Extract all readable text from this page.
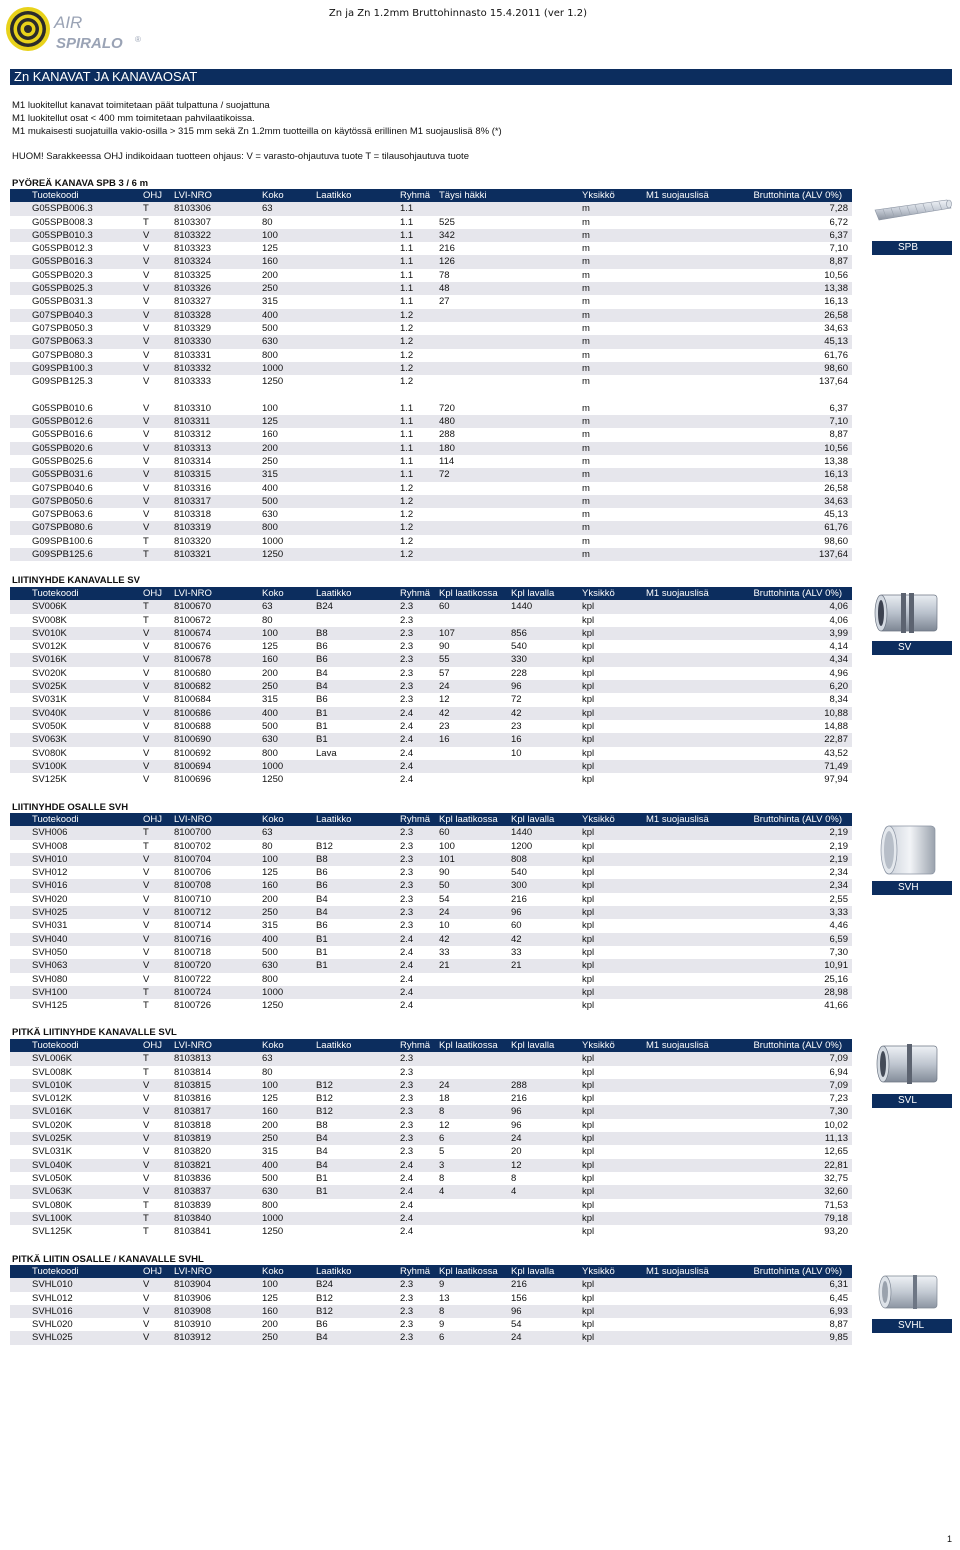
AIR
SPIRALO ®
Zn ja Zn 1.2mm Bruttohinnasto 15.4.2011 (ver 1.2)
Zn KANAVAT JA KANAVAOSAT
M1 luokitellut kanavat toimitetaan päät tulpattuna / suojattuna
M1 luokitellut osat < 400 mm toimitetaan pahvilaatikoissa.
M1 mukaisesti suojatuilla vakio-osilla > 315 mm sekä Zn 1.2mm tuotteilla on käytössä erillinen M1 suojauslisä 8% (*)
HUOM! Sarakkeessa OHJ indikoidaan tuotteen ohjaus: V = varasto-ohjautuva tuote T = tilausohjautuva tuote
PYÖREÄ KANAVA SPB 3 / 6 m
Tuotekoodi	OHJ	LVI-NRO	Koko	Laatikko	Ryhmä	Täysi häkki		Yksikkö	M1 suojauslisä	Bruttohinta (ALV 0%)
G05SPB006.3	T	8103306	63		1.1			m		7,28
G05SPB008.3	T	8103307	80		1.1	525		m		6,72
G05SPB010.3	V	8103322	100		1.1	342		m		6,37
G05SPB012.3	V	8103323	125		1.1	216		m		7,10
G05SPB016.3	V	8103324	160		1.1	126		m		8,87
G05SPB020.3	V	8103325	200		1.1	78		m		10,56
G05SPB025.3	V	8103326	250		1.1	48		m		13,38
G05SPB031.3	V	8103327	315		1.1	27		m		16,13
G07SPB040.3	V	8103328	400		1.2			m		26,58
G07SPB050.3	V	8103329	500		1.2			m		34,63
G07SPB063.3	V	8103330	630		1.2			m		45,13
G07SPB080.3	V	8103331	800		1.2			m		61,76
G09SPB100.3	V	8103332	1000		1.2			m		98,60
G09SPB125.3	V	8103333	1250		1.2			m		137,64

G05SPB010.6	V	8103310	100		1.1	720		m		6,37
G05SPB012.6	V	8103311	125		1.1	480		m		7,10
G05SPB016.6	V	8103312	160		1.1	288		m		8,87
G05SPB020.6	V	8103313	200		1.1	180		m		10,56
G05SPB025.6	V	8103314	250		1.1	114		m		13,38
G05SPB031.6	V	8103315	315		1.1	72		m		16,13
G07SPB040.6	V	8103316	400		1.2			m		26,58
G07SPB050.6	V	8103317	500		1.2			m		34,63
G07SPB063.6	V	8103318	630		1.2			m		45,13
G07SPB080.6	V	8103319	800		1.2			m		61,76
G09SPB100.6	T	8103320	1000		1.2			m		98,60
G09SPB125.6	T	8103321	1250		1.2			m		137,64
SPB
LIITINYHDE KANAVALLE SV
Tuotekoodi	OHJ	LVI-NRO	Koko	Laatikko	Ryhmä	Kpl laatikossa	Kpl lavalla	Yksikkö	M1 suojauslisä	Bruttohinta (ALV 0%)
SV006K	T	8100670	63	B24	2.3	60	1440	kpl		4,06
SV008K	T	8100672	80		2.3			kpl		4,06
SV010K	V	8100674	100	B8	2.3	107	856	kpl		3,99
SV012K	V	8100676	125	B6	2.3	90	540	kpl		4,14
SV016K	V	8100678	160	B6	2.3	55	330	kpl		4,34
SV020K	V	8100680	200	B4	2.3	57	228	kpl		4,96
SV025K	V	8100682	250	B4	2.3	24	96	kpl		6,20
SV031K	V	8100684	315	B6	2.3	12	72	kpl		8,34
SV040K	V	8100686	400	B1	2.4	42	42	kpl		10,88
SV050K	V	8100688	500	B1	2.4	23	23	kpl		14,88
SV063K	V	8100690	630	B1	2.4	16	16	kpl		22,87
SV080K	V	8100692	800	Lava	2.4		10	kpl		43,52
SV100K	V	8100694	1000		2.4			kpl		71,49
SV125K	V	8100696	1250		2.4			kpl		97,94
SV
LIITINYHDE OSALLE SVH
Tuotekoodi	OHJ	LVI-NRO	Koko	Laatikko	Ryhmä	Kpl laatikossa	Kpl lavalla	Yksikkö	M1 suojauslisä	Bruttohinta (ALV 0%)
SVH006	T	8100700	63		2.3	60	1440	kpl		2,19
SVH008	T	8100702	80	B12	2.3	100	1200	kpl		2,19
SVH010	V	8100704	100	B8	2.3	101	808	kpl		2,19
SVH012	V	8100706	125	B6	2.3	90	540	kpl		2,34
SVH016	V	8100708	160	B6	2.3	50	300	kpl		2,34
SVH020	V	8100710	200	B4	2.3	54	216	kpl		2,55
SVH025	V	8100712	250	B4	2.3	24	96	kpl		3,33
SVH031	V	8100714	315	B6	2.3	10	60	kpl		4,46
SVH040	V	8100716	400	B1	2.4	42	42	kpl		6,59
SVH050	V	8100718	500	B1	2.4	33	33	kpl		7,30
SVH063	V	8100720	630	B1	2.4	21	21	kpl		10,91
SVH080	V	8100722	800		2.4			kpl		25,16
SVH100	T	8100724	1000		2.4			kpl		28,98
SVH125	T	8100726	1250		2.4			kpl		41,66
SVH
PITKÄ LIITINYHDE KANAVALLE SVL
Tuotekoodi	OHJ	LVI-NRO	Koko	Laatikko	Ryhmä	Kpl laatikossa	Kpl lavalla	Yksikkö	M1 suojauslisä	Bruttohinta (ALV 0%)
SVL006K	T	8103813	63		2.3			kpl		7,09
SVL008K	T	8103814	80		2.3			kpl		6,94
SVL010K	V	8103815	100	B12	2.3	24	288	kpl		7,09
SVL012K	V	8103816	125	B12	2.3	18	216	kpl		7,23
SVL016K	V	8103817	160	B12	2.3	8	96	kpl		7,30
SVL020K	V	8103818	200	B8	2.3	12	96	kpl		10,02
SVL025K	V	8103819	250	B4	2.3	6	24	kpl		11,13
SVL031K	V	8103820	315	B4	2.3	5	20	kpl		12,65
SVL040K	V	8103821	400	B4	2.4	3	12	kpl		22,81
SVL050K	V	8103836	500	B1	2.4	8	8	kpl		32,75
SVL063K	V	8103837	630	B1	2.4	4	4	kpl		32,60
SVL080K	T	8103839	800		2.4			kpl		71,53
SVL100K	T	8103840	1000		2.4			kpl		79,18
SVL125K	T	8103841	1250		2.4			kpl		93,20
SVL
PITKÄ LIITIN OSALLE / KANAVALLE SVHL
Tuotekoodi	OHJ	LVI-NRO	Koko	Laatikko	Ryhmä	Kpl laatikossa	Kpl lavalla	Yksikkö	M1 suojauslisä	Bruttohinta (ALV 0%)
SVHL010	V	8103904	100	B24	2.3	9	216	kpl		6,31
SVHL012	V	8103906	125	B12	2.3	13	156	kpl		6,45
SVHL016	V	8103908	160	B12	2.3	8	96	kpl		6,93
SVHL020	V	8103910	200	B6	2.3	9	54	kpl		8,87
SVHL025	V	8103912	250	B4	2.3	6	24	kpl		9,85
SVHL
1
